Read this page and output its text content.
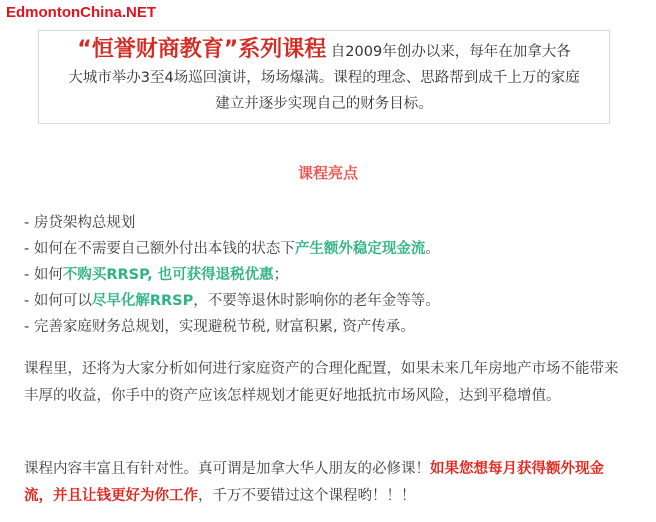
EdmontonChina.NET
“恒誉财商教育”系列课程 自2009年创办以来，每年在加拿大各
大城市举办3至4场巡回演讲，场场爆满。课程的理念、思路帮到成千上万的家庭
建立并逐步实现自己的财务目标。
课程亮点
- 房贷架构总规划
- 如何在不需要自己额外付出本钱的状态下产生额外稳定现金流。
- 如何不购买RRSP, 也可获得退税优惠；
- 如何可以尽早化解RRSP，不要等退休时影响你的老年金等等。
- 完善家庭财务总规划，实现避税节税, 财富积累, 资产传承。

课程里，还将为大家分析如何进行家庭资产的合理化配置，如果未来几年房地产市场不能带来丰厚的收益，你手中的资产应该怎样规划才能更好地抵抗市场风险，达到平稳增值。

课程内容丰富且有针对性。真可谓是加拿大华人朋友的必修课！如果您想每月获得额外现金流，并且让钱更好为你工作，千万不要错过这个课程哟！！！
